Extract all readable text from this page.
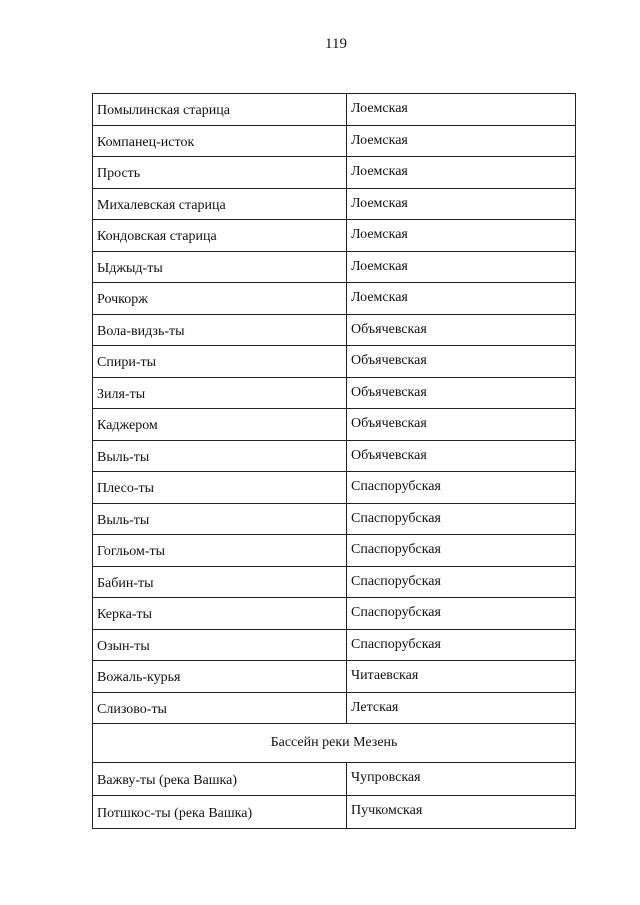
119
Помылинская старица	Лоемская
Компанец-исток	Лоемская
Прость	Лоемская
Михалевская старица	Лоемская
Кондовская старица	Лоемская
Ыджыд-ты	Лоемская
Рочкорж	Лоемская
Вола-видзь-ты	Объячевская
Спири-ты	Объячевская
Зиля-ты	Объячевская
Каджером	Объячевская
Выль-ты	Объячевская
Плесо-ты	Спаспорубская
Выль-ты	Спаспорубская
Гогльом-ты	Спаспорубская
Бабин-ты	Спаспорубская
Керка-ты	Спаспорубская
Озын-ты	Спаспорубская
Вожаль-курья	Читаевская
Слизово-ты	Летская
Бассейн реки Мезень	
Важву-ты (река Вашка)	Чупровская
Потшкос-ты (река Вашка)	Пучкомская
